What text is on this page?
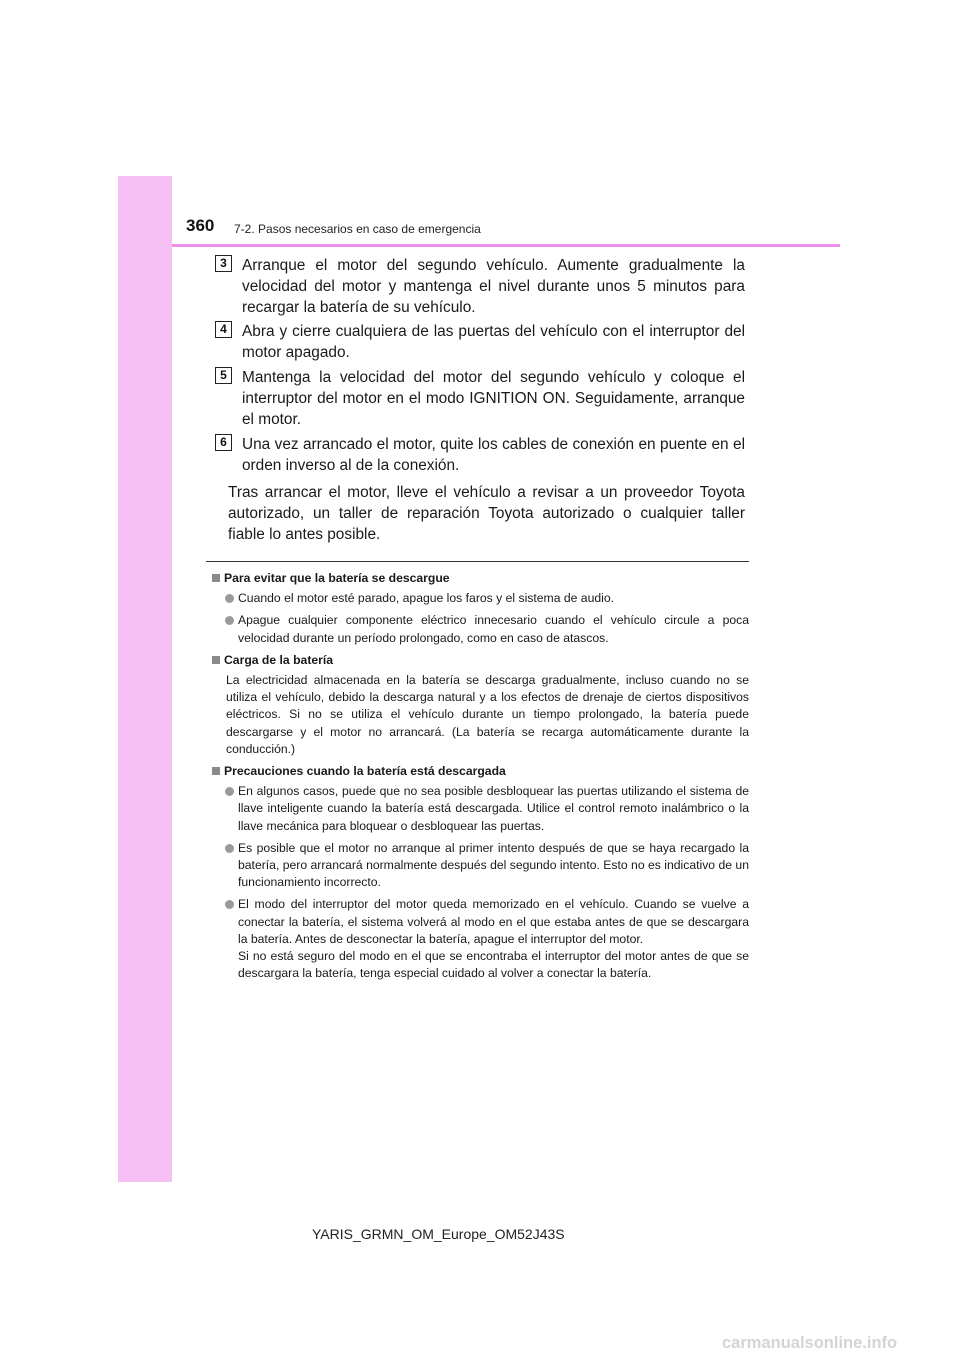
360 7-2. Pasos necesarios en caso de emergencia
3 Arranque el motor del segundo vehículo. Aumente gradualmente la velocidad del motor y mantenga el nivel durante unos 5 minutos para recargar la batería de su vehículo.
4 Abra y cierre cualquiera de las puertas del vehículo con el interruptor del motor apagado.
5 Mantenga la velocidad del motor del segundo vehículo y coloque el interruptor del motor en el modo IGNITION ON. Seguidamente, arranque el motor.
6 Una vez arrancado el motor, quite los cables de conexión en puente en el orden inverso al de la conexión.
Tras arrancar el motor, lleve el vehículo a revisar a un proveedor Toyota autorizado, un taller de reparación Toyota autorizado o cualquier taller fiable lo antes posible.
Para evitar que la batería se descargue
Cuando el motor esté parado, apague los faros y el sistema de audio.
Apague cualquier componente eléctrico innecesario cuando el vehículo circule a poca velocidad durante un período prolongado, como en caso de atascos.
Carga de la batería
La electricidad almacenada en la batería se descarga gradualmente, incluso cuando no se utiliza el vehículo, debido la descarga natural y a los efectos de drenaje de ciertos dispositivos eléctricos. Si no se utiliza el vehículo durante un tiempo prolongado, la batería puede descargarse y el motor no arrancará. (La batería se recarga automáticamente durante la conducción.)
Precauciones cuando la batería está descargada
En algunos casos, puede que no sea posible desbloquear las puertas utilizando el sistema de llave inteligente cuando la batería está descargada. Utilice el control remoto inalámbrico o la llave mecánica para bloquear o desbloquear las puertas.
Es posible que el motor no arranque al primer intento después de que se haya recargado la batería, pero arrancará normalmente después del segundo intento. Esto no es indicativo de un funcionamiento incorrecto.
El modo del interruptor del motor queda memorizado en el vehículo. Cuando se vuelve a conectar la batería, el sistema volverá al modo en el que estaba antes de que se descargara la batería. Antes de desconectar la batería, apague el interruptor del motor.
Si no está seguro del modo en el que se encontraba el interruptor del motor antes de que se descargara la batería, tenga especial cuidado al volver a conectar la batería.
YARIS_GRMN_OM_Europe_OM52J43S
carmanualsonline.info
